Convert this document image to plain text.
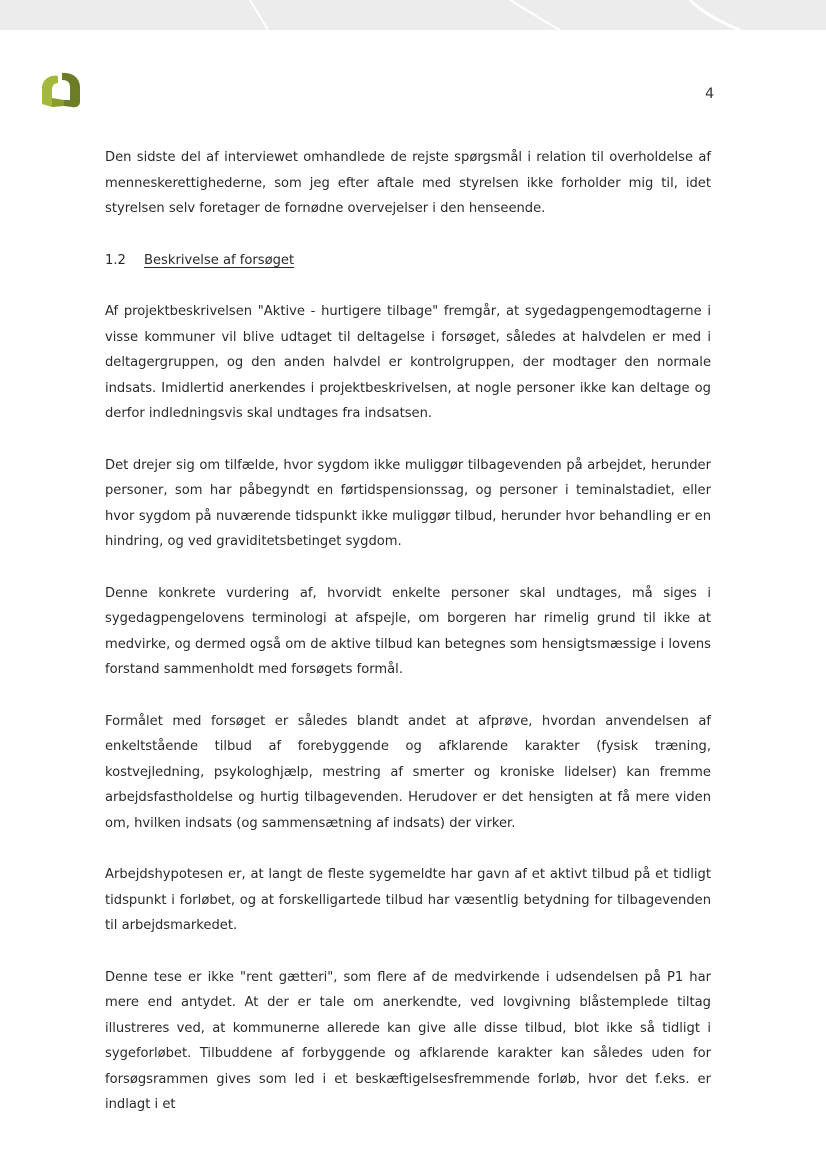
4

Den sidste del af interviewet omhandlede de rejste spørgsmål i relation til overholdelse af menneskerettighederne, som jeg efter aftale med styrelsen ikke forholder mig til, idet styrelsen selv foretager de fornødne overvejelser i den henseende.

1.2 Beskrivelse af forsøget

Af projektbeskrivelsen "Aktive - hurtigere tilbage" fremgår, at sygedagpengemodtagerne i visse kommuner vil blive udtaget til deltagelse i forsøget, således at halvdelen er med i deltagergruppen, og den anden halvdel er kontrolgruppen, der modtager den normale indsats. Imidlertid anerkendes i projektbeskrivelsen, at nogle personer ikke kan deltage og derfor indledningsvis skal undtages fra indsatsen.

Det drejer sig om tilfælde, hvor sygdom ikke muliggør tilbagevenden på arbejdet, herunder personer, som har påbegyndt en førtidspensionssag, og personer i teminalstadiet, eller hvor sygdom på nuværende tidspunkt ikke muliggør tilbud, herunder hvor behandling er en hindring, og ved graviditetsbetinget sygdom.

Denne konkrete vurdering af, hvorvidt enkelte personer skal undtages, må siges i sygedagpengelovens terminologi at afspejle, om borgeren har rimelig grund til ikke at medvirke, og dermed også om de aktive tilbud kan betegnes som hensigtsmæssige i lovens forstand sammenholdt med forsøgets formål.

Formålet med forsøget er således blandt andet at afprøve, hvordan anvendelsen af enkeltstående tilbud af forebyggende og afklarende karakter (fysisk træning, kostvejledning, psykologhjælp, mestring af smerter og kroniske lidelser) kan fremme arbejdsfastholdelse og hurtig tilbagevenden. Herudover er det hensigten at få mere viden om, hvilken indsats (og sammensætning af indsats) der virker.

Arbejdshypotesen er, at langt de fleste sygemeldte har gavn af et aktivt tilbud på et tidligt tidspunkt i forløbet, og at forskelligartede tilbud har væsentlig betydning for tilbagevenden til arbejdsmarkedet.

Denne tese er ikke "rent gætteri", som flere af de medvirkende i udsendelsen på P1 har mere end antydet. At der er tale om anerkendte, ved lovgivning blåstemplede tiltag illustreres ved, at kommunerne allerede kan give alle disse tilbud, blot ikke så tidligt i sygeforløbet. Tilbuddene af forbyggende og afklarende karakter kan således uden for forsøgsrammen gives som led i et beskæftigelsesfremmende forløb, hvor det f.eks. er indlagt i et
